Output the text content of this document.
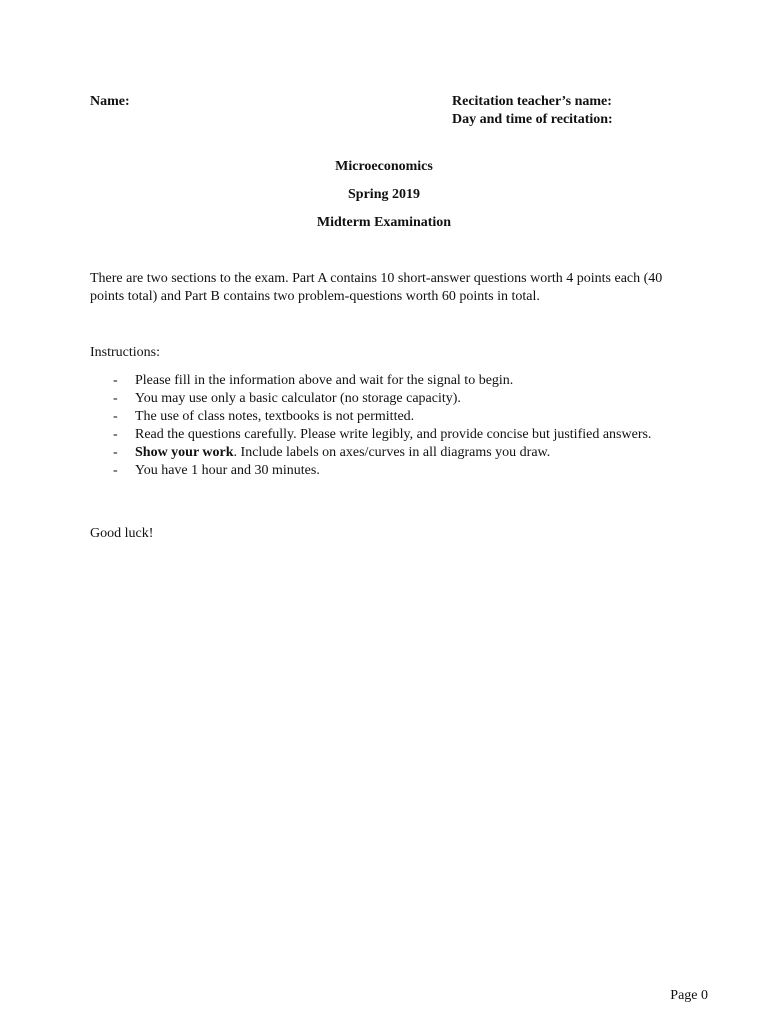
Name:	Recitation teacher’s name:
Day and time of recitation:
Microeconomics
Spring 2019
Midterm Examination
There are two sections to the exam. Part A contains 10 short-answer questions worth 4 points each (40 points total) and Part B contains two problem-questions worth 60 points in total.
Instructions:
- Please fill in the information above and wait for the signal to begin.
- You may use only a basic calculator (no storage capacity).
- The use of class notes, textbooks is not permitted.
- Read the questions carefully. Please write legibly, and provide concise but justified answers.
- Show your work. Include labels on axes/curves in all diagrams you draw.
- You have 1 hour and 30 minutes.
Good luck!
Page 0
